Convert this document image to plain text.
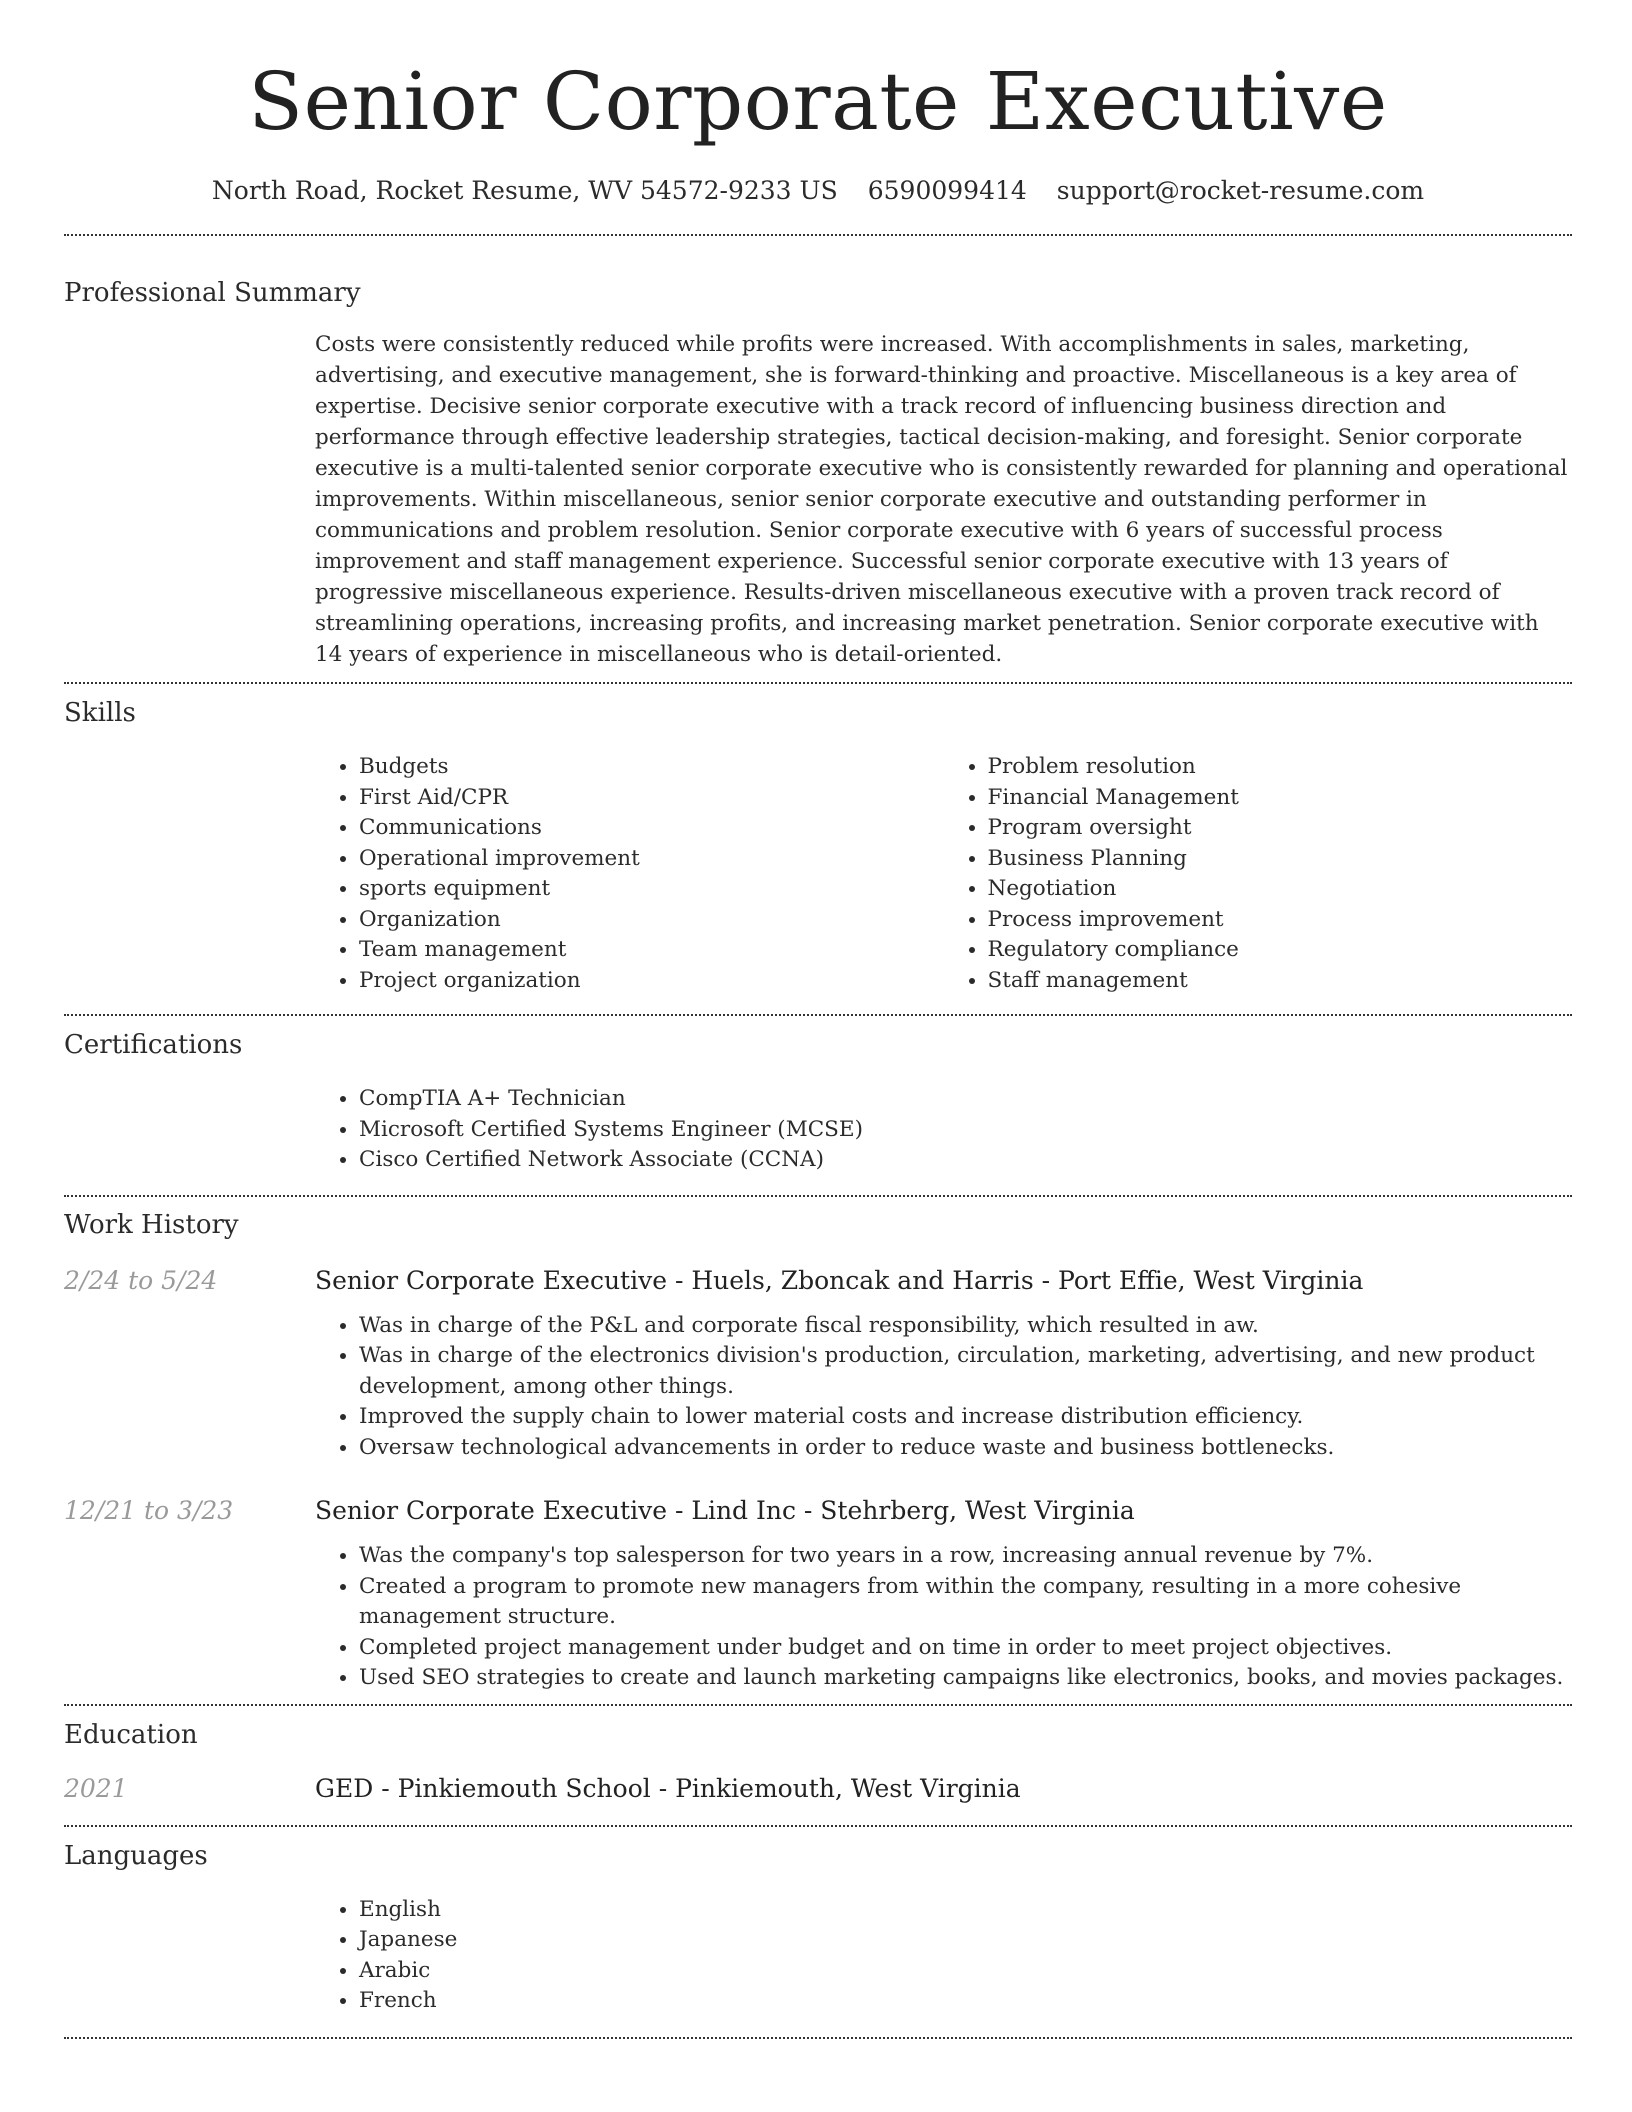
Senior Corporate Executive
North Road, Rocket Resume, WV 54572-9233 US 6590099414 support@rocket-resume.com
Professional Summary
Costs were consistently reduced while profits were increased. With accomplishments in sales, marketing, advertising, and executive management, she is forward-thinking and proactive. Miscellaneous is a key area of expertise. Decisive senior corporate executive with a track record of influencing business direction and performance through effective leadership strategies, tactical decision-making, and foresight. Senior corporate executive is a multi-talented senior corporate executive who is consistently rewarded for planning and operational improvements. Within miscellaneous, senior senior corporate executive and outstanding performer in communications and problem resolution. Senior corporate executive with 6 years of successful process improvement and staff management experience. Successful senior corporate executive with 13 years of progressive miscellaneous experience. Results-driven miscellaneous executive with a proven track record of streamlining operations, increasing profits, and increasing market penetration. Senior corporate executive with 14 years of experience in miscellaneous who is detail-oriented.
Skills
• Budgets
• First Aid/CPR
• Communications
• Operational improvement
• sports equipment
• Organization
• Team management
• Project organization
• Problem resolution
• Financial Management
• Program oversight
• Business Planning
• Negotiation
• Process improvement
• Regulatory compliance
• Staff management
Certifications
• CompTIA A+ Technician
• Microsoft Certified Systems Engineer (MCSE)
• Cisco Certified Network Associate (CCNA)
Work History
2/24 to 5/24	Senior Corporate Executive - Huels, Zboncak and Harris - Port Effie, West Virginia
• Was in charge of the P&L and corporate fiscal responsibility, which resulted in aw.
• Was in charge of the electronics division's production, circulation, marketing, advertising, and new product development, among other things.
• Improved the supply chain to lower material costs and increase distribution efficiency.
• Oversaw technological advancements in order to reduce waste and business bottlenecks.
12/21 to 3/23	Senior Corporate Executive - Lind Inc - Stehrberg, West Virginia
• Was the company's top salesperson for two years in a row, increasing annual revenue by 7%.
• Created a program to promote new managers from within the company, resulting in a more cohesive management structure.
• Completed project management under budget and on time in order to meet project objectives.
• Used SEO strategies to create and launch marketing campaigns like electronics, books, and movies packages.
Education
2021	GED - Pinkiemouth School - Pinkiemouth, West Virginia
Languages
• English
• Japanese
• Arabic
• French
